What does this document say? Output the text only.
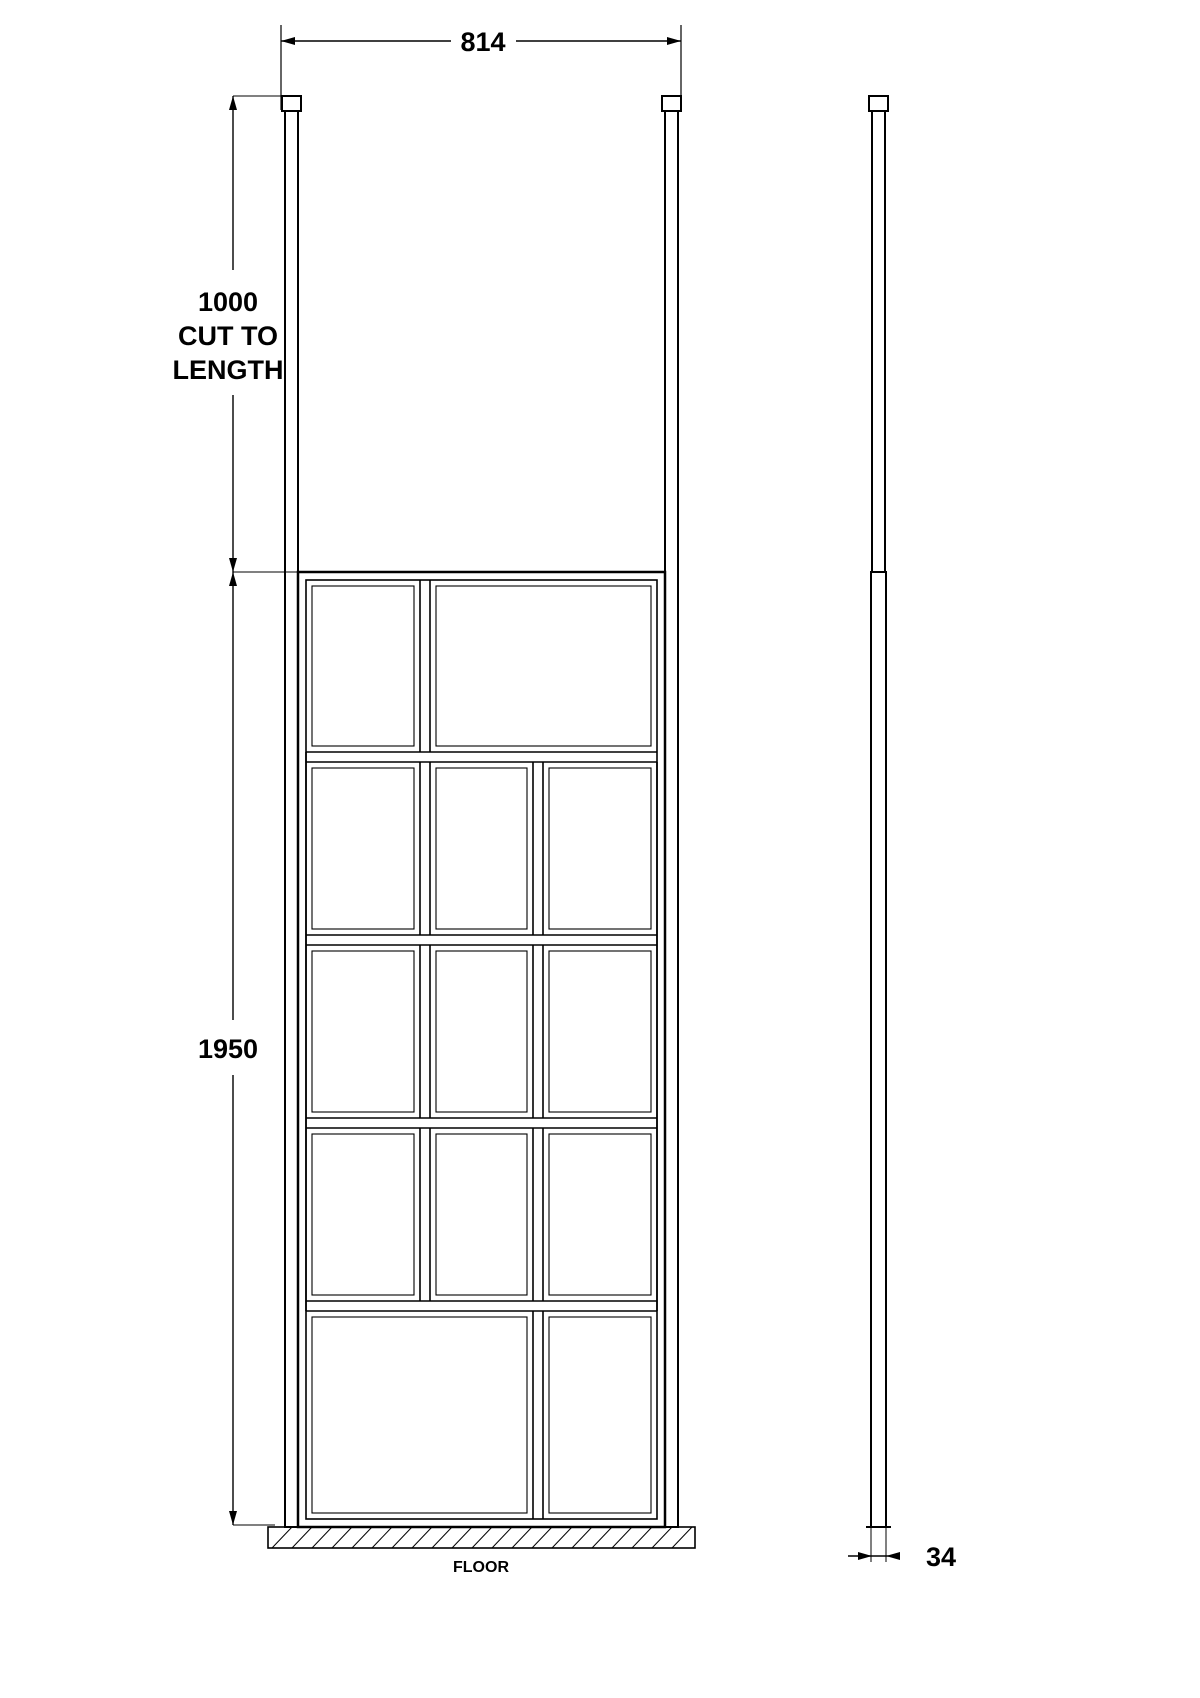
814
1000
CUT TO
LENGTH
1950
FLOOR	34
